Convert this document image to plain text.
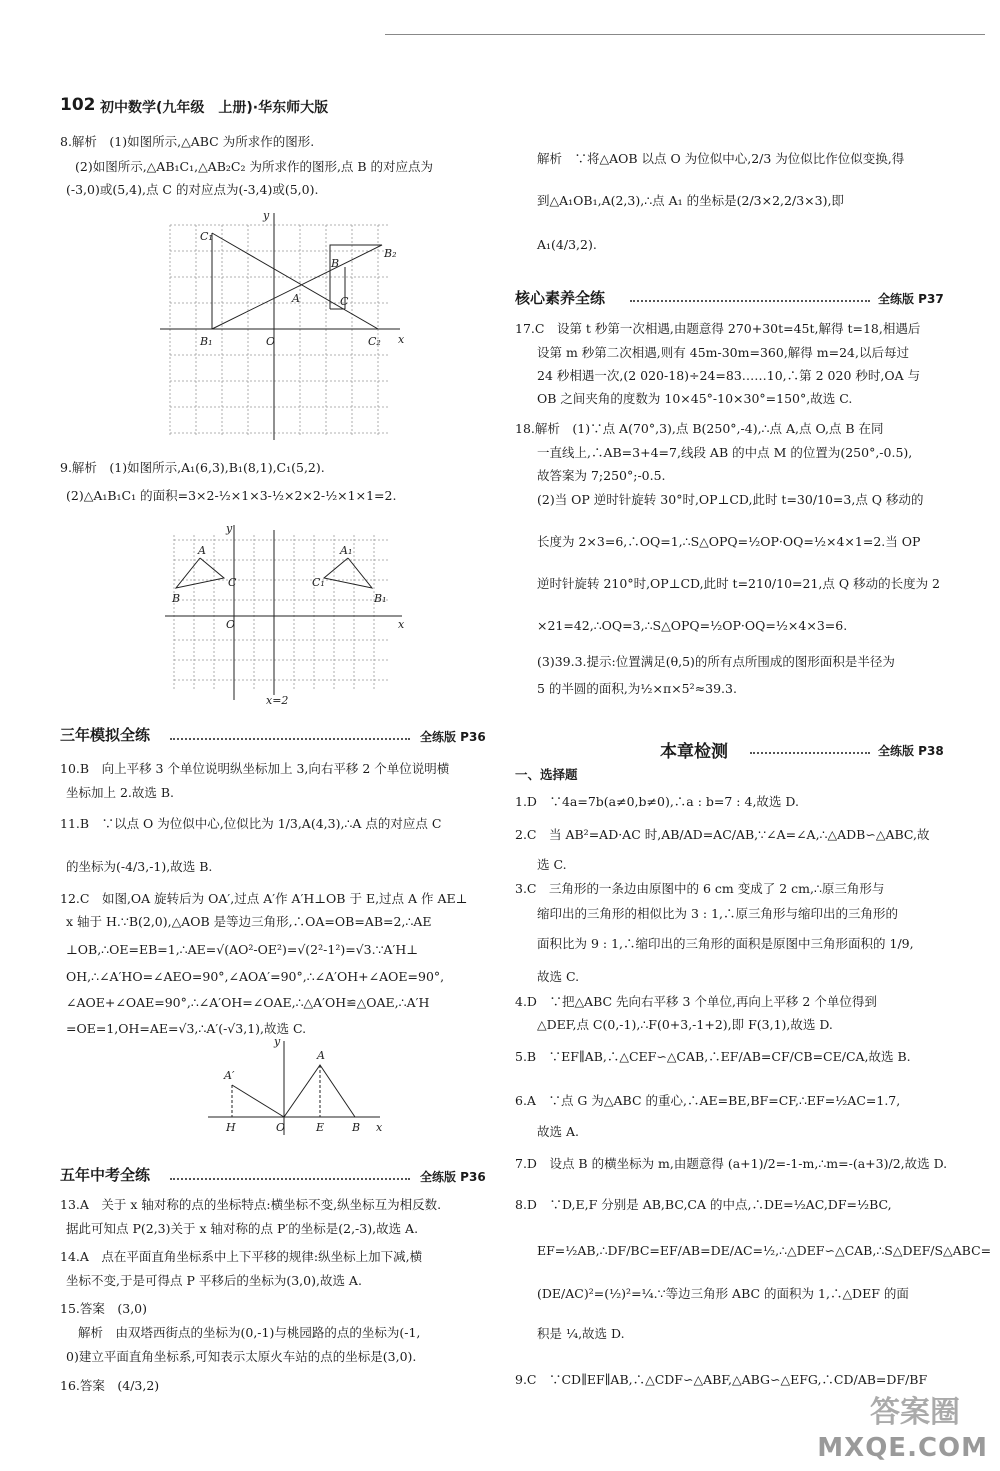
102 初中数学(九年级　上册)·华东师大版
8.解析　(1)如图所示,△ABC 为所求作的图形.
(2)如图所示,△AB₁C₁,△AB₂C₂ 为所求作的图形,点 B 的对应点为
(-3,0)或(5,4),点 C 的对应点为(-3,4)或(5,0).
C₁
B₂
B
A	C
B₁	O	C₂ x
y
9.解析　(1)如图所示,A₁(6,3),B₁(8,1),C₁(5,2).
(2)△A₁B₁C₁ 的面积=3×2-½×1×3-½×2×2-½×1×1=2.
A
C
B
A₁
C₁
B₁
O	x
y
x=2
三年模拟全练	全练版 P36
10.B　向上平移 3 个单位说明纵坐标加上 3,向右平移 2 个单位说明横
坐标加上 2.故选 B.
11.B　∵以点 O 为位似中心,位似比为 1/3,A(4,3),∴A 点的对应点 C
的坐标为(-4/3,-1),故选 B.
12.C　如图,OA 旋转后为 OA′,过点 A′作 A′H⊥OB 于 E,过点 A 作 AE⊥
x 轴于 H.∵B(2,0),△AOB 是等边三角形,∴OA=OB=AB=2,∴AE
⊥OB,∴OE=EB=1,∴AE=√(AO²-OE²)=√(2²-1²)=√3.∵A′H⊥
OH,∴∠A′HO=∠AEO=90°,∠AOA′=90°,∴∠A′OH+∠AOE=90°,
∠AOE+∠OAE=90°,∴∠A′OH=∠OAE,∴△A′OH≌△OAE,∴A′H
=OE=1,OH=AE=√3,∴A′(-√3,1),故选 C.
A′
A
H	O	E	B x
y
五年中考全练	全练版 P36
13.A　关于 x 轴对称的点的坐标特点:横坐标不变,纵坐标互为相反数.
据此可知点 P(2,3)关于 x 轴对称的点 P′的坐标是(2,-3),故选 A.
14.A　点在平面直角坐标系中上下平移的规律:纵坐标上加下减,横
坐标不变,于是可得点 P 平移后的坐标为(3,0),故选 A.
15.答案　(3,0)
解析　由双塔西街点的坐标为(0,-1)与桃园路的点的坐标为(-1,
0)建立平面直角坐标系,可知表示太原火车站的点的坐标是(3,0).
16.答案　(4/3,2)
解析　∵将△AOB 以点 O 为位似中心,2/3 为位似比作位似变换,得
到△A₁OB₁,A(2,3),∴点 A₁ 的坐标是(2/3×2,2/3×3),即
A₁(4/3,2).
核心素养全练	全练版 P37
17.C　设第 t 秒第一次相遇,由题意得 270+30t=45t,解得 t=18,相遇后
设第 m 秒第二次相遇,则有 45m-30m=360,解得 m=24,以后每过
24 秒相遇一次,(2 020-18)÷24=83……10,∴第 2 020 秒时,OA 与
OB 之间夹角的度数为 10×45°-10×30°=150°,故选 C.
18.解析　(1)∵点 A(70°,3),点 B(250°,-4),∴点 A,点 O,点 B 在同
一直线上,∴AB=3+4=7,线段 AB 的中点 M 的位置为(250°,-0.5),
故答案为 7;250°;-0.5.
(2)当 OP 逆时针旋转 30°时,OP⊥CD,此时 t=30/10=3,点 Q 移动的
长度为 2×3=6,∴OQ=1,∴S△OPQ=½OP·OQ=½×4×1=2.当 OP
逆时针旋转 210°时,OP⊥CD,此时 t=210/10=21,点 Q 移动的长度为 2
×21=42,∴OQ=3,∴S△OPQ=½OP·OQ=½×4×3=6.
(3)39.3.提示:位置满足(θ,5)的所有点所围成的图形面积是半径为
5 的半圆的面积,为½×π×5²≈39.3.
本章检测	全练版 P38
一、选择题
1.D　∵4a=7b(a≠0,b≠0),∴a : b=7 : 4,故选 D.
2.C　当 AB²=AD·AC 时,AB/AD=AC/AB,∵∠A=∠A,∴△ADB∽△ABC,故
选 C.
3.C　三角形的一条边由原图中的 6 cm 变成了 2 cm,∴原三角形与
缩印出的三角形的相似比为 3 : 1,∴原三角形与缩印出的三角形的
面积比为 9 : 1,∴缩印出的三角形的面积是原图中三角形面积的 1/9,
故选 C.
4.D　∵把△ABC 先向右平移 3 个单位,再向上平移 2 个单位得到
△DEF,点 C(0,-1),∴F(0+3,-1+2),即 F(3,1),故选 D.
5.B　∵EF∥AB,∴△CEF∽△CAB,∴EF/AB=CF/CB=CE/CA,故选 B.
6.A　∵点 G 为△ABC 的重心,∴AE=BE,BF=CF,∴EF=½AC=1.7,
故选 A.
7.D　设点 B 的横坐标为 m,由题意得 (a+1)/2=-1-m,∴m=-(a+3)/2,故选 D.
8.D　∵D,E,F 分别是 AB,BC,CA 的中点,∴DE=½AC,DF=½BC,
EF=½AB,∴DF/BC=EF/AB=DE/AC=½,∴△DEF∽△CAB,∴S△DEF/S△ABC=
(DE/AC)²=(½)²=¼.∵等边三角形 ABC 的面积为 1,∴△DEF 的面
积是 ¼,故选 D.
9.C　∵CD∥EF∥AB,∴△CDF∽△ABF,△ABG∽△EFG,∴CD/AB=DF/BF
答案圈
MXQE.COM
